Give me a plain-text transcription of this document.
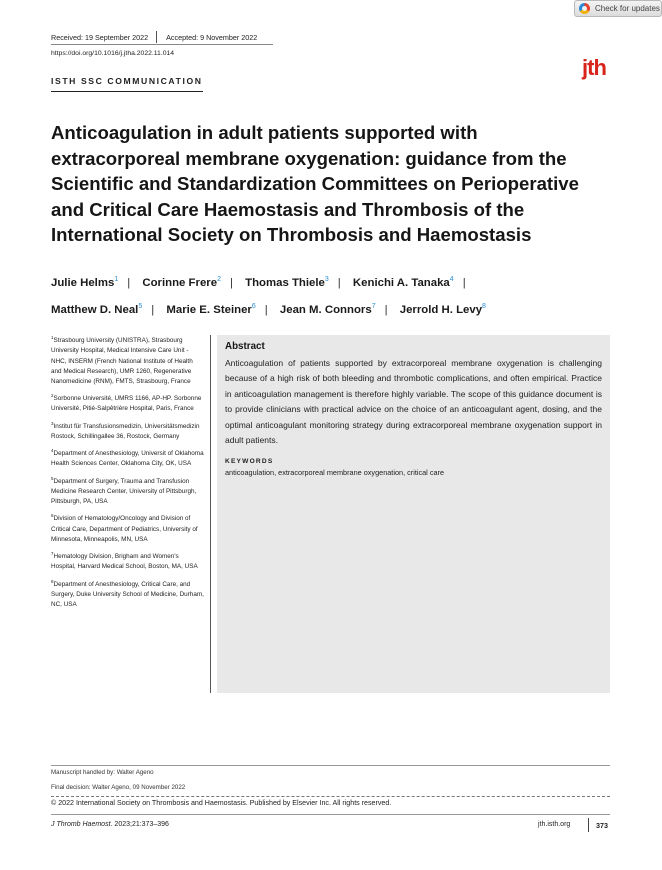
Check for updates
Received: 19 September 2022	Accepted: 9 November 2022
https://doi.org/10.1016/j.jtha.2022.11.014
ISTH SSC COMMUNICATION
jth
Anticoagulation in adult patients supported with extracorporeal membrane oxygenation: guidance from the Scientific and Standardization Committees on Perioperative and Critical Care Haemostasis and Thrombosis of the International Society on Thrombosis and Haemostasis
Julie Helms$^1$ | Corinne Frere$^2$ | Thomas Thiele$^3$ | Kenichi A. Tanaka$^4$ |
Matthew D. Neal$^5$ | Marie E. Steiner$^6$ | Jean M. Connors$^7$ | Jerrold H. Levy$^8$
$^1$Strasbourg University (UNISTRA), Strasbourg University Hospital, Medical Intensive Care Unit - NHC, INSERM (French National Institute of Health and Medical Research), UMR 1260, Regenerative Nanomedicine (RNM), FMTS, Strasbourg, France
$^2$Sorbonne Université, UMRS 1166, AP-HP. Sorbonne Université, Pitié-Salpêtrière Hospital, Paris, France
$^3$Institut für Transfusionsmedizin, Universitätsmedizin Rostock, Schillingallee 36, Rostock, Germany
$^4$Department of Anesthesiology, Universit of Oklahoma Health Sciences Center, Oklahoma City, OK, USA
$^5$Department of Surgery, Trauma and Transfusion Medicine Research Center, University of Pittsburgh, Pittsburgh, PA, USA
$^6$Division of Hematology/Oncology and Division of Critical Care, Department of Pediatrics, University of Minnesota, Minneapolis, MN, USA
$^7$Hematology Division, Brigham and Women's Hospital, Harvard Medical School, Boston, MA, USA
$^8$Department of Anesthesiology, Critical Care, and Surgery, Duke University School of Medicine, Durham, NC, USA
Abstract

Anticoagulation of patients supported by extracorporeal membrane oxygenation is challenging because of a high risk of both bleeding and thrombotic complications, and often empirical. Practice in anticoagulation management is therefore highly variable. The scope of this guidance document is to provide clinicians with practical advice on the choice of an anticoagulant agent, dosing, and the optimal anticoagulant monitoring strategy during extracorporeal membrane oxygenation support in adult patients.

KEYWORDS
anticoagulation, extracorporeal membrane oxygenation, critical care
Manuscript handled by: Walter Ageno
Final decision: Walter Ageno, 09 November 2022
© 2022 International Society on Thrombosis and Haemostasis. Published by Elsevier Inc. All rights reserved.
J Thromb Haemost. 2023;21:373–396	jth.isth.org	373
